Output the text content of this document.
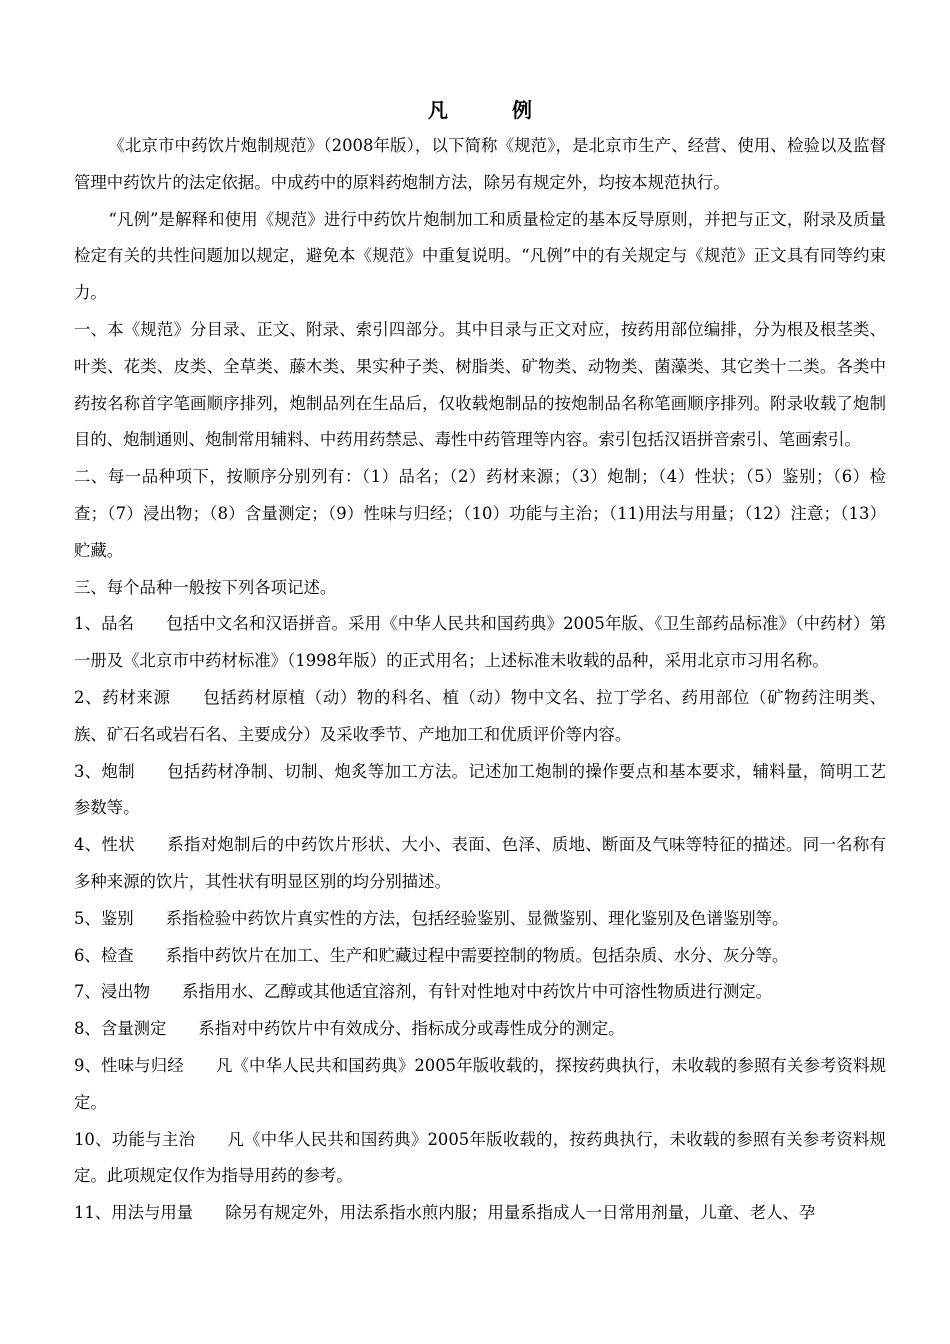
凡　例

《北京市中药饮片炮制规范》（2008年版），以下简称《规范》，是北京市生产、经营、使用、检验以及监督管理中药饮片的法定依据。中成药中的原料药炮制方法，除另有规定外，均按本规范执行。

“凡例”是解释和使用《规范》进行中药饮片炮制加工和质量检定的基本反导原则，并把与正文，附录及质量检定有关的共性问题加以规定，避免本《规范》中重复说明。“凡例”中的有关规定与《规范》正文具有同等约束力。

一、本《规范》分目录、正文、附录、索引四部分。其中目录与正文对应，按药用部位编排，分为根及根茎类、叶类、花类、皮类、全草类、藤木类、果实种子类、树脂类、矿物类、动物类、菌藻类、其它类十二类。各类中药按名称首字笔画顺序排列，炮制品列在生品后，仅收载炮制品的按炮制品名称笔画顺序排列。附录收载了炮制目的、炮制通则、炮制常用辅料、中药用药禁忌、毒性中药管理等内容。索引包括汉语拼音索引、笔画索引。

二、每一品种项下，按顺序分别列有：（1）品名；（2）药材来源；（3）炮制；（4）性状；（5）鉴别；（6）检查；（7）浸出物；（8）含量测定；（9）性味与归经；（10）功能与主治；（11)用法与用量；（12）注意；（13）贮藏。

三、每个品种一般按下列各项记述。

1、品名 包括中文名和汉语拼音。采用《中华人民共和国药典》2005年版、《卫生部药品标准》（中药材）第一册及《北京市中药材标准》（1998年版）的正式用名；上述标准未收载的品种，采用北京市习用名称。

2、药材来源 包括药材原植（动）物的科名、植（动）物中文名、拉丁学名、药用部位（矿物药注明类、族、矿石名或岩石名、主要成分）及采收季节、产地加工和优质评价等内容。

3、炮制 包括药材净制、切制、炮炙等加工方法。记述加工炮制的操作要点和基本要求，辅料量，简明工艺参数等。

4、性状 系指对炮制后的中药饮片形状、大小、表面、色泽、质地、断面及气味等特征的描述。同一名称有多种来源的饮片，其性状有明显区别的均分别描述。

5、鉴别 系指检验中药饮片真实性的方法，包括经验鉴别、显微鉴别、理化鉴别及色谱鉴别等。

6、检查 系指中药饮片在加工、生产和贮藏过程中需要控制的物质。包括杂质、水分、灰分等。

7、浸出物 系指用水、乙醇或其他适宜溶剂，有针对性地对中药饮片中可溶性物质进行测定。

8、含量测定 系指对中药饮片中有效成分、指标成分或毒性成分的测定。

9、性味与归经 凡《中华人民共和国药典》2005年版收载的，探按药典执行，未收载的参照有关参考资料规定。

10、功能与主治 凡《中华人民共和国药典》2005年版收载的，按药典执行，未收载的参照有关参考资料规定。此项规定仅作为指导用药的参考。

11、用法与用量 除另有规定外，用法系指水煎内服；用量系指成人一日常用剂量，儿童、老人、孕
